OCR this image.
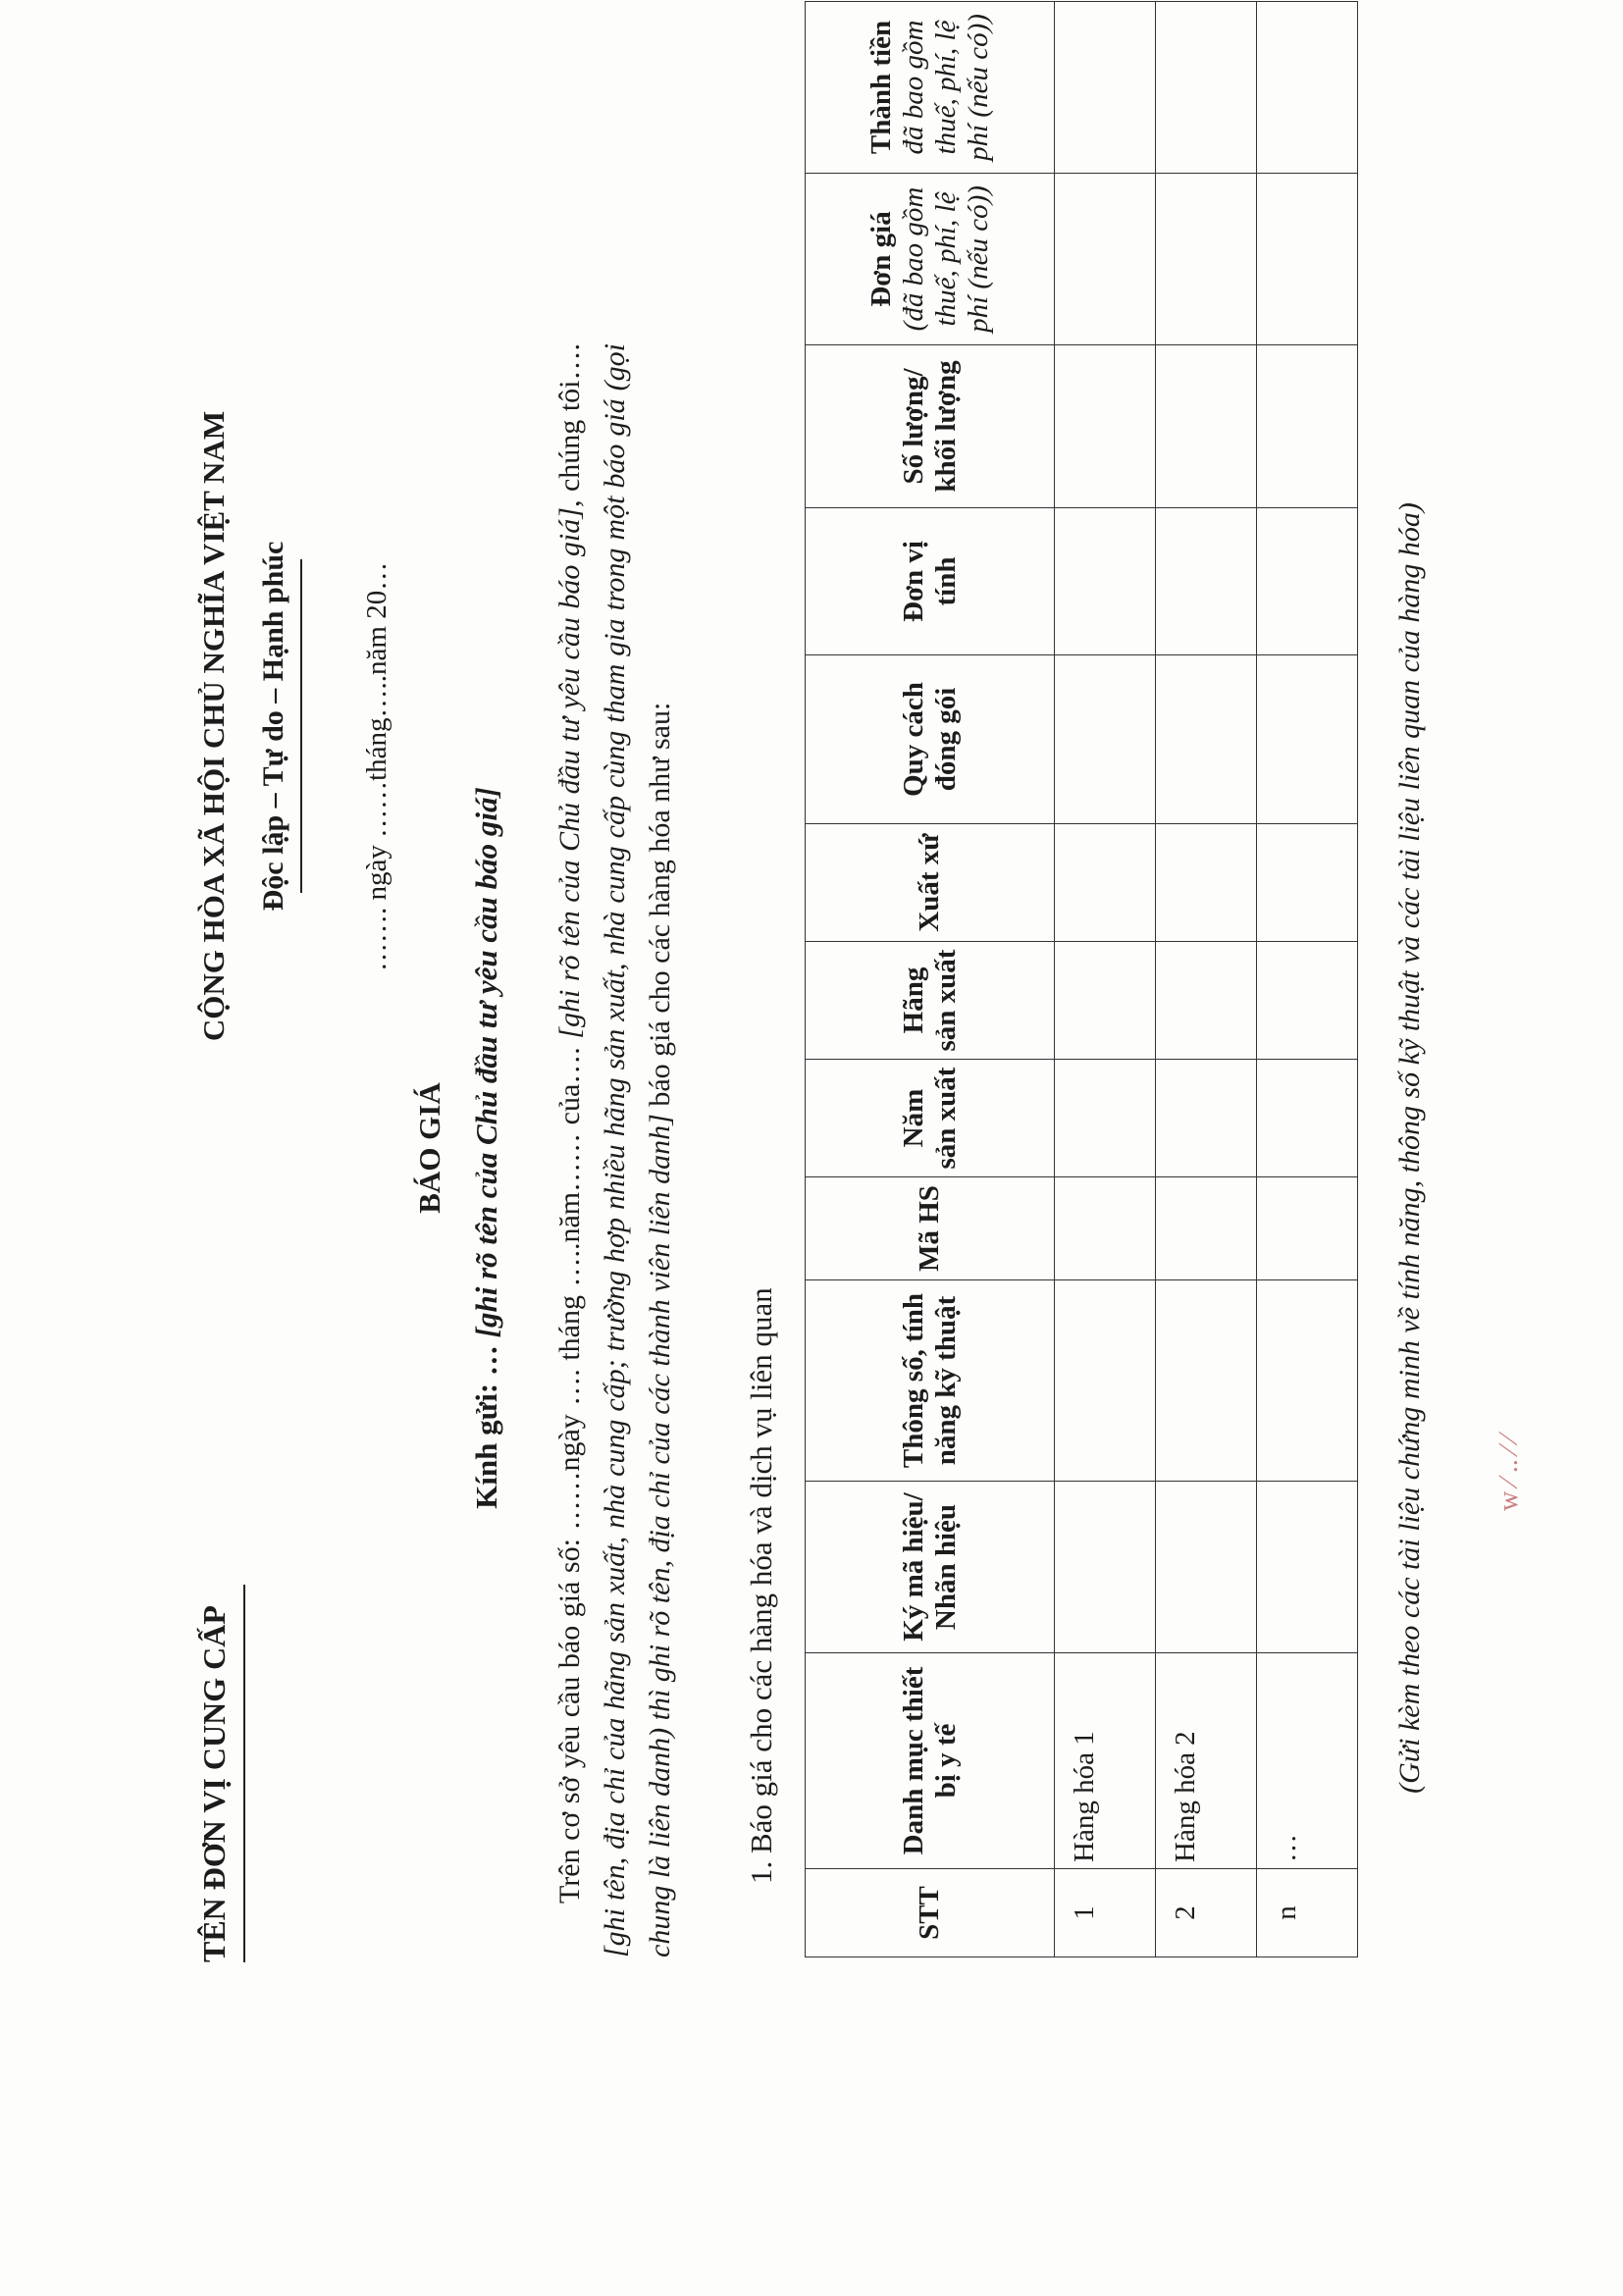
TÊN ĐƠN VỊ CUNG CẤP
CỘNG HÒA XÃ HỘI CHỦ NGHĨA VIỆT NAM Độc lập – Tự do – Hạnh phúc	……. ngày ……tháng…..năm 20…
BÁO GIÁ
Kính gửi: … [ghi rõ tên của Chủ đầu tư yêu cầu báo giá] Trên cơ sở yêu cầu báo giá số: ……ngày …. tháng …..năm…… của…. [ghi rõ tên của Chủ đầu tư yêu cầu báo giá], chúng tôi…. [ghi tên, địa chỉ của hãng sản xuất, nhà cung cấp; trường hợp nhiều hãng sản xuất, nhà cung cấp cùng tham gia trong một báo giá (gọi chung là liên danh) thì ghi rõ tên, địa chỉ của các thành viên liên danh] báo giá cho các hàng hóa như sau:
1. Báo giá cho các hàng hóa và dịch vụ liên quan
STT	Danh mục thiết bị y tế	Ký mã hiệu/ Nhãn hiệu	Thông số, tính năng kỹ thuật	Mã HS	Năm sản xuất	Hãng sản xuất	Xuất xứ	Quy cách đóng gói	Đơn vị tính	Số lượng/ khối lượng	Đơn giá (đã bao gồm thuế, phí, lệ phí (nếu có))	Thành tiền đã bao gồm thuế, phí, lệ phí (nếu có))

1	Hàng hóa 1											
2	Hàng hóa 2											
n	…											
(Gửi kèm theo các tài liệu chứng minh về tính năng, thông số kỹ thuật và các tài liệu liên quan của hàng hóa) w ∕ .. ∕ ∕
